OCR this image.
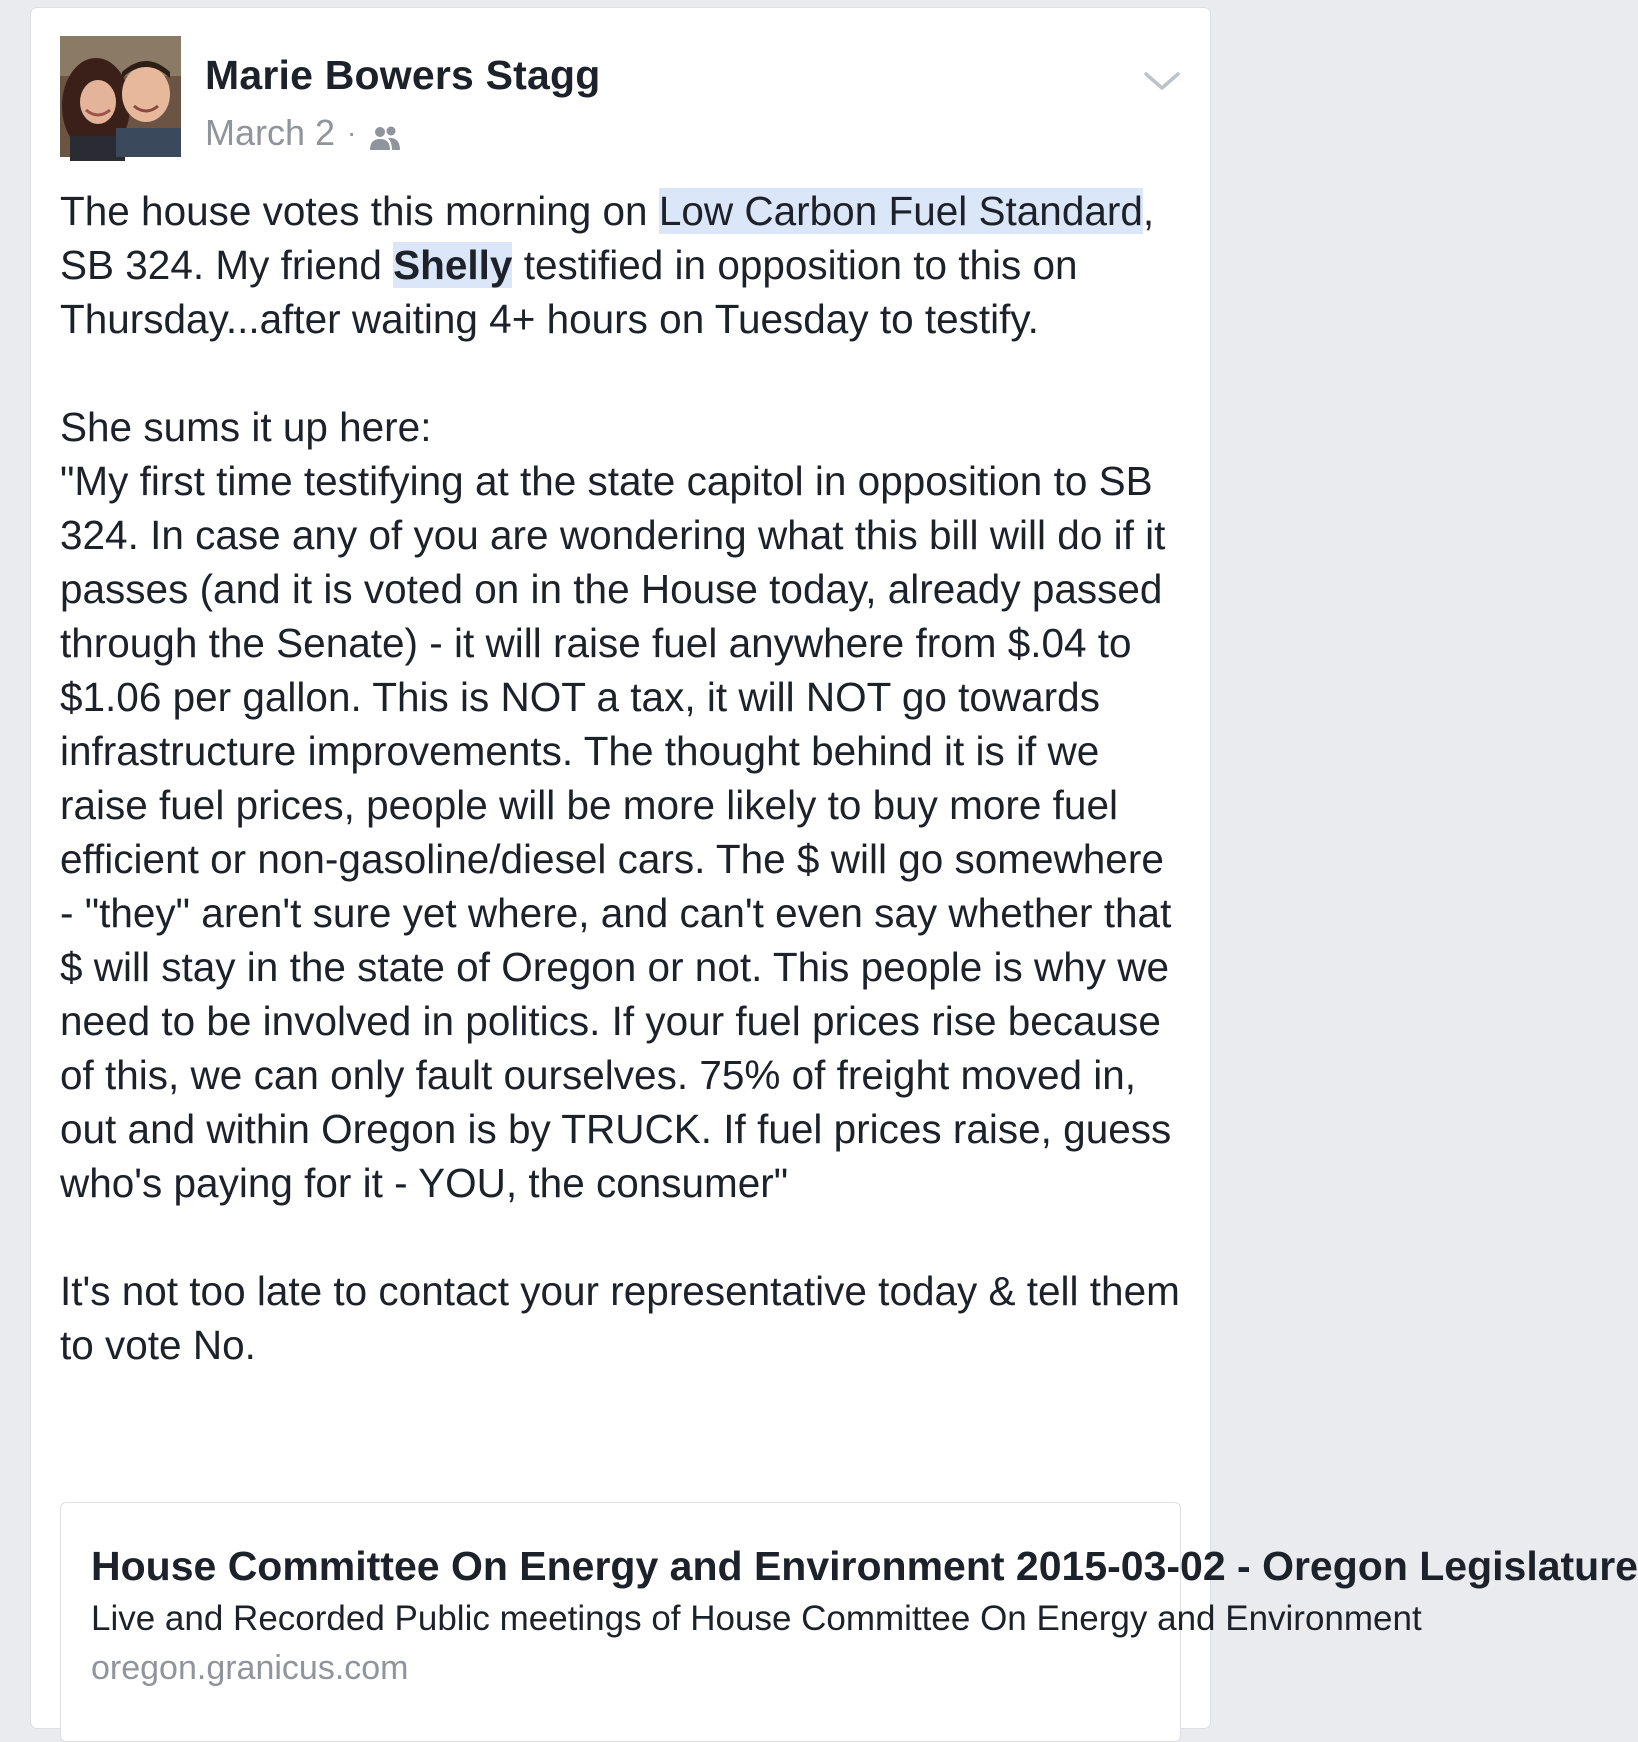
Marie Bowers Stagg
March 2 ·

The house votes this morning on Low Carbon Fuel Standard, SB 324. My friend Shelly testified in opposition to this on Thursday...after waiting 4+ hours on Tuesday to testify.

She sums it up here:

"My first time testifying at the state capitol in opposition to SB 324. In case any of you are wondering what this bill will do if it passes (and it is voted on in the House today, already passed through the Senate) - it will raise fuel anywhere from $.04 to $1.06 per gallon. This is NOT a tax, it will NOT go towards infrastructure improvements. The thought behind it is if we raise fuel prices, people will be more likely to buy more fuel efficient or non-gasoline/diesel cars. The $ will go somewhere - "they" aren't sure yet where, and can't even say whether that $ will stay in the state of Oregon or not. This people is why we need to be involved in politics. If your fuel prices rise because of this, we can only fault ourselves. 75% of freight moved in, out and within Oregon is by TRUCK. If fuel prices raise, guess who's paying for it - YOU, the consumer"

It's not too late to contact your representative today & tell them to vote No.

House Committee On Energy and Environment 2015-03-02 - Oregon Legislature
Live and Recorded Public meetings of House Committee On Energy and Environment
oregon.granicus.com
